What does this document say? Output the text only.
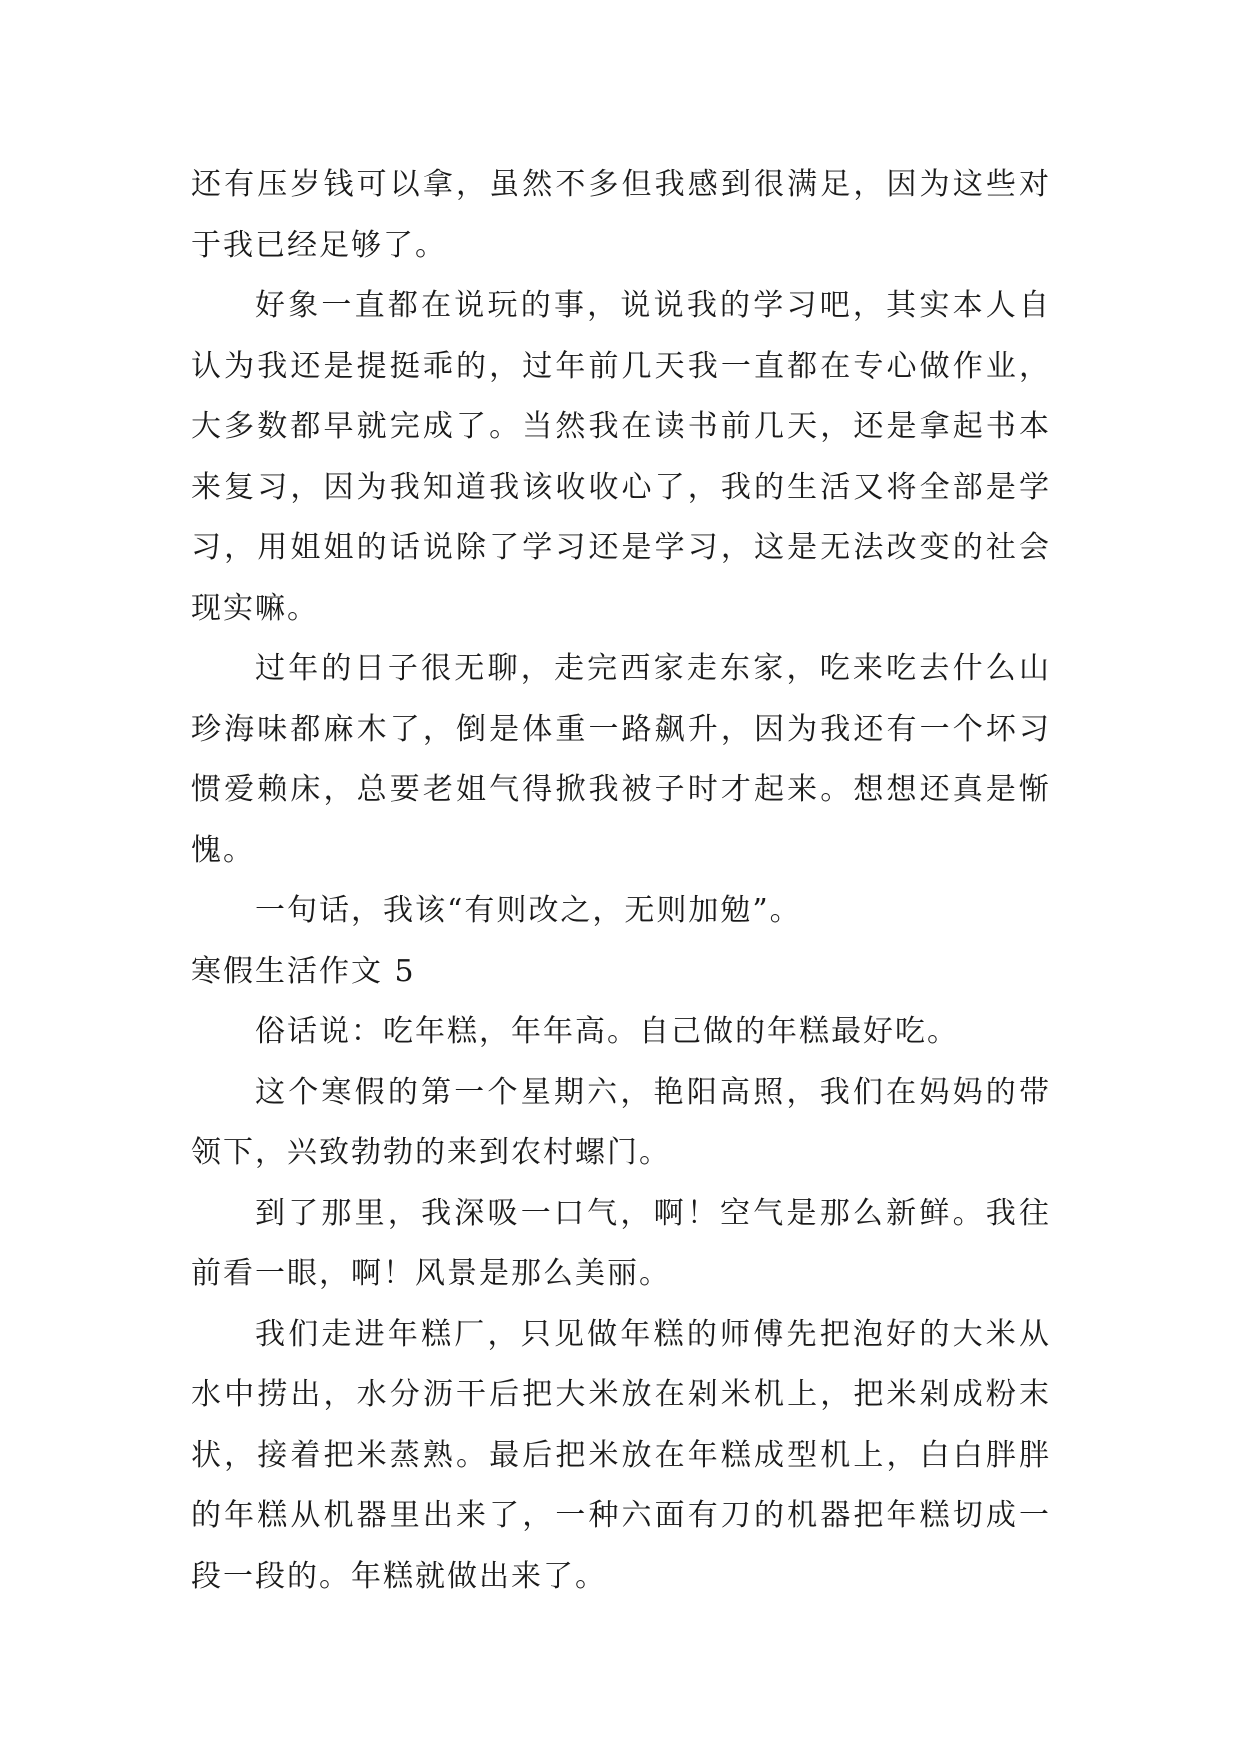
还有压岁钱可以拿，虽然不多但我感到很满足，因为这些对于我已经足够了。

好象一直都在说玩的事，说说我的学习吧，其实本人自认为我还是提挺乖的，过年前几天我一直都在专心做作业，大多数都早就完成了。当然我在读书前几天，还是拿起书本来复习，因为我知道我该收收心了，我的生活又将全部是学习，用姐姐的话说除了学习还是学习，这是无法改变的社会现实嘛。

过年的日子很无聊，走完西家走东家，吃来吃去什么山珍海味都麻木了，倒是体重一路飙升，因为我还有一个坏习惯爱赖床，总要老姐气得掀我被子时才起来。想想还真是惭愧。

一句话，我该“有则改之，无则加勉”。

寒假生活作文 5

俗话说：吃年糕，年年高。自己做的年糕最好吃。

这个寒假的第一个星期六，艳阳高照，我们在妈妈的带领下，兴致勃勃的来到农村螺门。

到了那里，我深吸一口气，啊！空气是那么新鲜。我往前看一眼，啊！风景是那么美丽。

我们走进年糕厂，只见做年糕的师傅先把泡好的大米从水中捞出，水分沥干后把大米放在剁米机上，把米剁成粉末状，接着把米蒸熟。最后把米放在年糕成型机上，白白胖胖的年糕从机器里出来了，一种六面有刀的机器把年糕切成一段一段的。年糕就做出来了。
